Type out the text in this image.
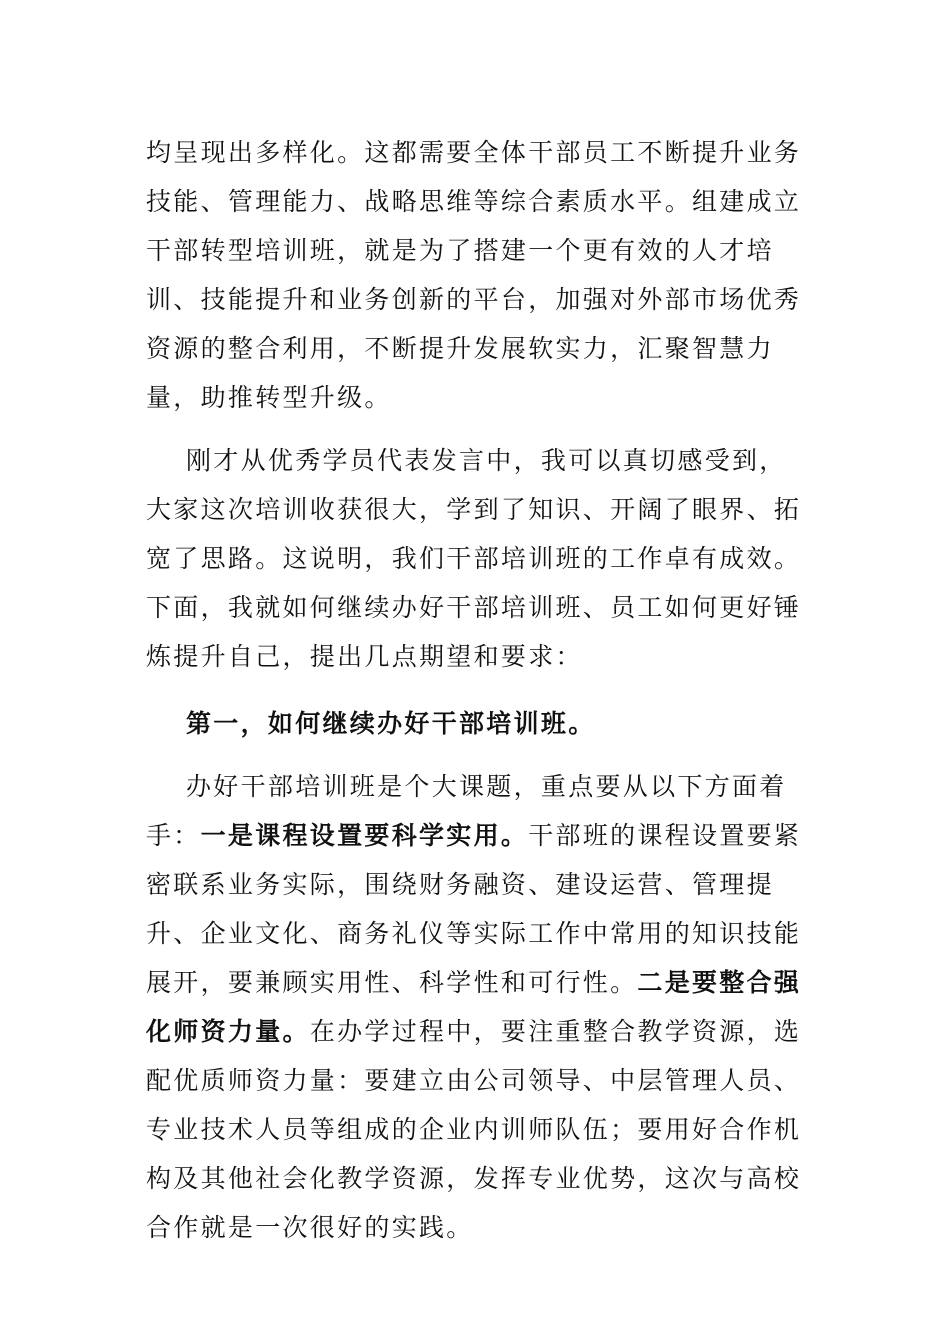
均呈现出多样化。这都需要全体干部员工不断提升业务技能、管理能力、战略思维等综合素质水平。组建成立干部转型培训班，就是为了搭建一个更有效的人才培训、技能提升和业务创新的平台，加强对外部市场优秀资源的整合利用，不断提升发展软实力，汇聚智慧力量，助推转型升级。

刚才从优秀学员代表发言中，我可以真切感受到，大家这次培训收获很大，学到了知识、开阔了眼界、拓宽了思路。这说明，我们干部培训班的工作卓有成效。下面，我就如何继续办好干部培训班、员工如何更好锤炼提升自己，提出几点期望和要求：

第一，如何继续办好干部培训班。

办好干部培训班是个大课题，重点要从以下方面着手：一是课程设置要科学实用。干部班的课程设置要紧密联系业务实际，围绕财务融资、建设运营、管理提升、企业文化、商务礼仪等实际工作中常用的知识技能展开，要兼顾实用性、科学性和可行性。二是要整合强化师资力量。在办学过程中，要注重整合教学资源，选配优质师资力量：要建立由公司领导、中层管理人员、专业技术人员等组成的企业内训师队伍；要用好合作机构及其他社会化教学资源，发挥专业优势，这次与高校合作就是一次很好的实践。
